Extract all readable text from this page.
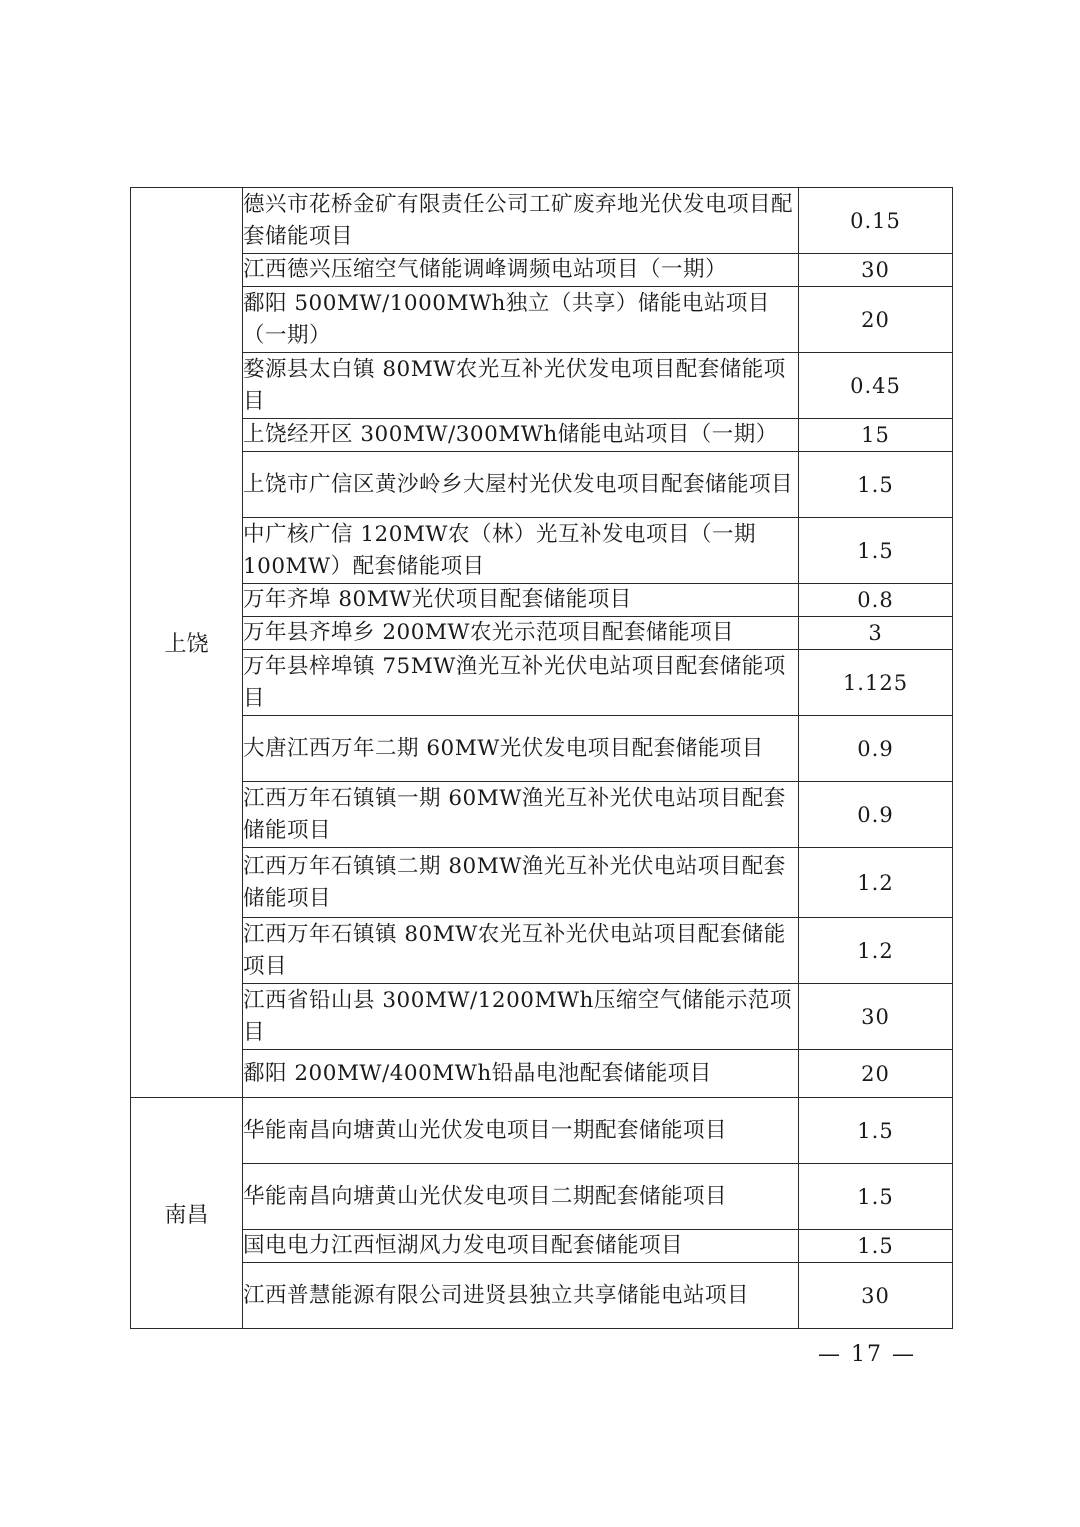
上饶	德兴市花桥金矿有限责任公司工矿废弃地光伏发电项目配套储能项目	0.15
	江西德兴压缩空气储能调峰调频电站项目（一期）	30
	鄱阳 500MW/1000MWh独立（共享）储能电站项目（一期）	20
	婺源县太白镇 80MW农光互补光伏发电项目配套储能项目	0.45
	上饶经开区 300MW/300MWh储能电站项目（一期）	15
	上饶市广信区黄沙岭乡大屋村光伏发电项目配套储能项目	1.5
	中广核广信 120MW农（林）光互补发电项目（一期 100MW）配套储能项目	1.5
	万年齐埠 80MW光伏项目配套储能项目	0.8
	万年县齐埠乡 200MW农光示范项目配套储能项目	3
	万年县梓埠镇 75MW渔光互补光伏电站项目配套储能项目	1.125
	大唐江西万年二期 60MW光伏发电项目配套储能项目	0.9
	江西万年石镇镇一期 60MW渔光互补光伏电站项目配套储能项目	0.9
	江西万年石镇镇二期 80MW渔光互补光伏电站项目配套储能项目	1.2
	江西万年石镇镇 80MW农光互补光伏电站项目配套储能项目	1.2
	江西省铅山县 300MW/1200MWh压缩空气储能示范项目	30
	鄱阳 200MW/400MWh铅晶电池配套储能项目	20
南昌	华能南昌向塘黄山光伏发电项目一期配套储能项目	1.5
	华能南昌向塘黄山光伏发电项目二期配套储能项目	1.5
	国电电力江西恒湖风力发电项目配套储能项目	1.5
	江西普慧能源有限公司进贤县独立共享储能电站项目	30
— 17 —
